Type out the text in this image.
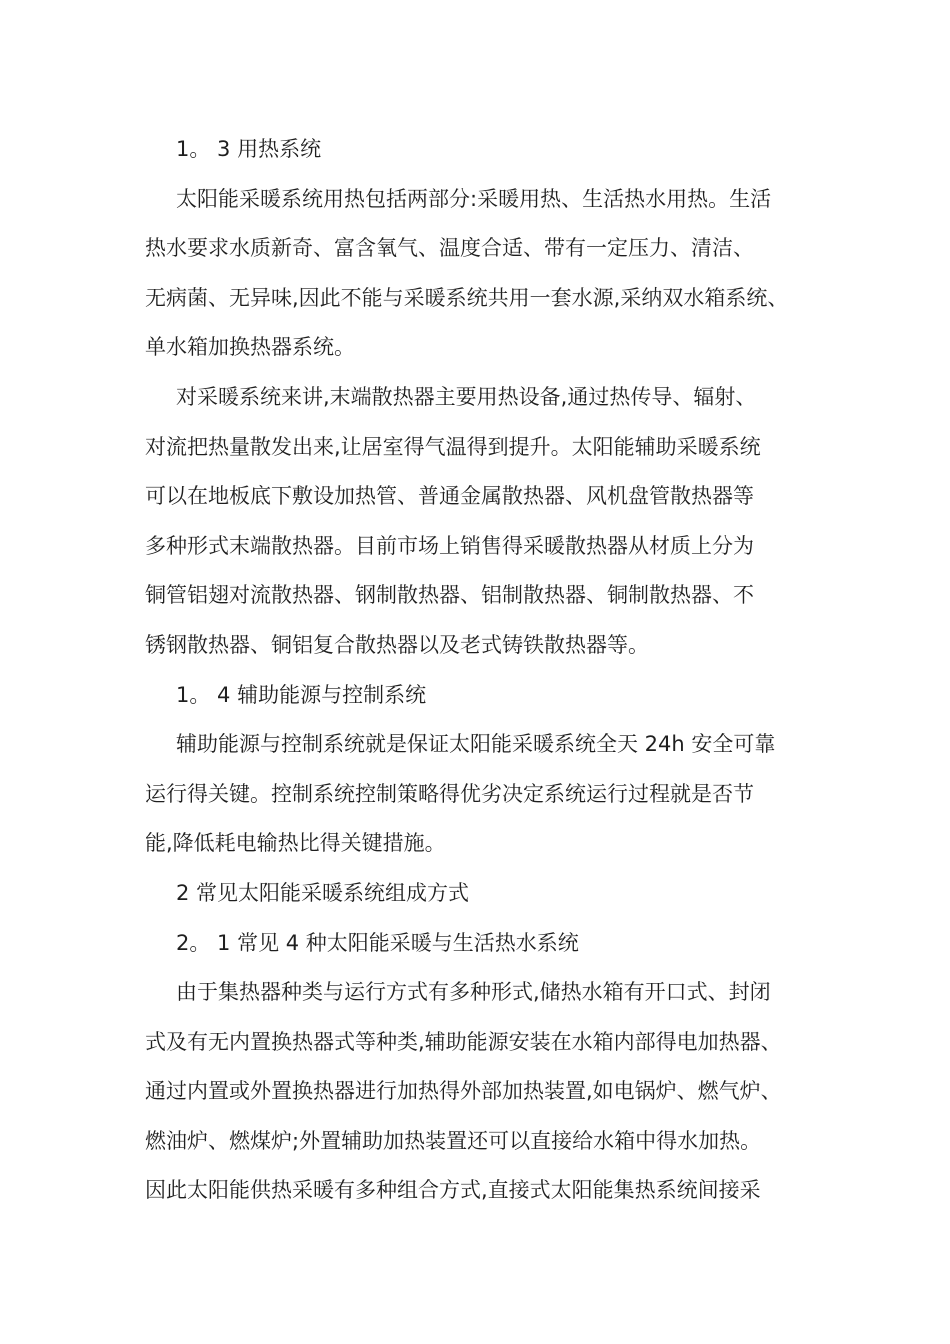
1。 3 用热系统
太阳能采暖系统用热包括两部分:采暖用热、生活热水用热。生活
热水要求水质新奇、富含氧气、温度合适、带有一定压力、清洁、
无病菌、无异味,因此不能与采暖系统共用一套水源,采纳双水箱系统、
单水箱加换热器系统。
对采暖系统来讲,末端散热器主要用热设备,通过热传导、辐射、
对流把热量散发出来,让居室得气温得到提升。太阳能辅助采暖系统
可以在地板底下敷设加热管、普通金属散热器、风机盘管散热器等
多种形式末端散热器。目前市场上销售得采暖散热器从材质上分为
铜管铝翅对流散热器、钢制散热器、铝制散热器、铜制散热器、不
锈钢散热器、铜铝复合散热器以及老式铸铁散热器等。
1。 4 辅助能源与控制系统
辅助能源与控制系统就是保证太阳能采暖系统全天 24h 安全可靠
运行得关键。控制系统控制策略得优劣决定系统运行过程就是否节
能,降低耗电输热比得关键措施。
2 常见太阳能采暖系统组成方式
2。 1 常见 4 种太阳能采暖与生活热水系统
由于集热器种类与运行方式有多种形式,储热水箱有开口式、封闭
式及有无内置换热器式等种类,辅助能源安装在水箱内部得电加热器、
通过内置或外置换热器进行加热得外部加热装置,如电锅炉、燃气炉、
燃油炉、燃煤炉;外置辅助加热装置还可以直接给水箱中得水加热。
因此太阳能供热采暖有多种组合方式,直接式太阳能集热系统间接采
